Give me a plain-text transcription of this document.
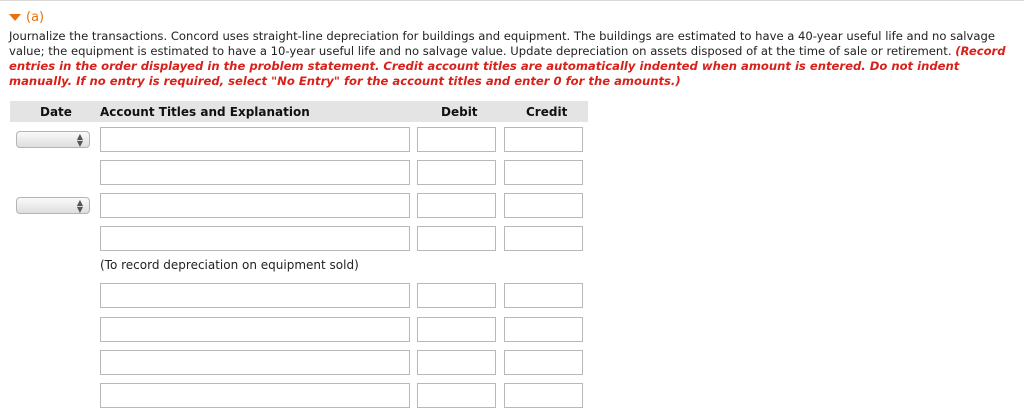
(a)
Journalize the transactions. Concord uses straight-line depreciation for buildings and equipment. The buildings are estimated to have a 40-year useful life and no salvage value; the equipment is estimated to have a 10-year useful life and no salvage value. Update depreciation on assets disposed of at the time of sale or retirement. (Record entries in the order displayed in the problem statement. Credit account titles are automatically indented when amount is entered. Do not indent manually. If no entry is required, select "No Entry" for the account titles and enter 0 for the amounts.)
Date Account Titles and Explanation	Debit	Credit
▲
▼
▲
▼
(To record depreciation on equipment sold)
